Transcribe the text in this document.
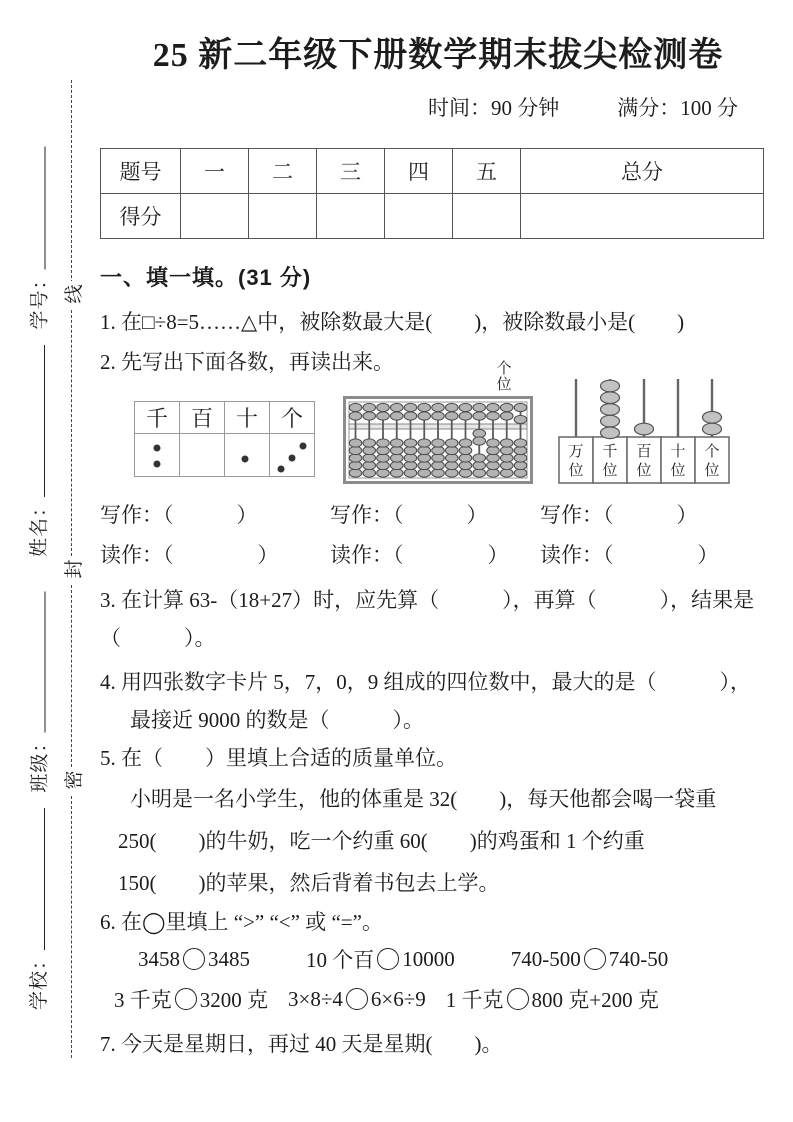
线
封
密
学号：
姓名：
班级：
学校：
25 新二年级下册数学期末拔尖检测卷
时间：90 分钟	满分：100 分
题号	一	二	三	四	五	总分
得分						
一、填一填。(31 分)
1. 在□÷8=5……△中，被除数最大是(　　)，被除数最小是(　　)
2. 先写出下面各数，再读出来。
千	百	十	个

个
位
万
位
千
位
百
位
十
位
个
位
写作：（　　　）	写作：（　　　）	写作：（　　　）
读作：（　　　　）	读作：（　　　　）	读作：（　　　　）
3. 在计算 63-（18+27）时，应先算（　　　），再算（　　　），结果是
（　　　）。
4. 用四张数字卡片 5，7，0，9 组成的四位数中，最大的是（　　　），
最接近 9000 的数是（　　　）。
5. 在（　　）里填上合适的质量单位。
小明是一名小学生，他的体重是 32(　　)，每天他都会喝一袋重
250(　　)的牛奶，吃一个约重 60(　　)的鸡蛋和 1 个约重
150(　　)的苹果，然后背着书包去上学。
6. 在◯里填上 “>” “<” 或 “=”。
3458 3485	10 个百 10000	740-500 740-50
3 千克 3200 克 3×8÷4 6×6÷9 1 千克 800 克+200 克
7. 今天是星期日，再过 40 天是星期(　　)。
